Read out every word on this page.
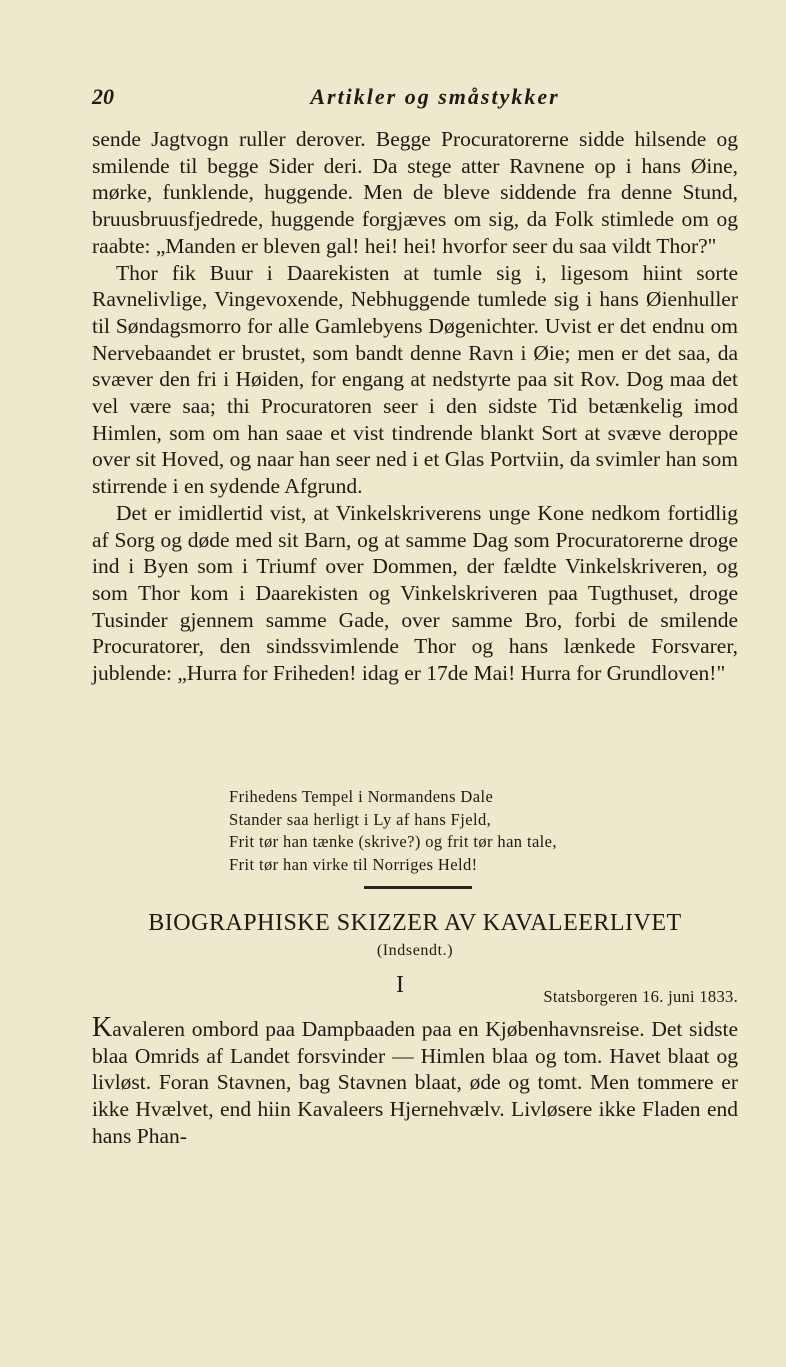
20	Artikler og småstykker

sende Jagtvogn ruller derover. Begge Procuratorerne sidde hilsende og smilende til begge Sider deri. Da stege atter Ravnene op i hans Øine, mørke, funklende, huggende. Men de bleve siddende fra denne Stund, bruusbruusfjedrede, huggende forgjæves om sig, da Folk stimlede om og raabte: „Manden er bleven gal! hei! hei! hvorfor seer du saa vildt Thor?"

Thor fik Buur i Daarekisten at tumle sig i, ligesom hiint sorte Ravnelivlige, Vingevoxende, Nebhuggende tumlede sig i hans Øienhuller til Søndagsmorro for alle Gamlebyens Døgenichter. Uvist er det endnu om Nervebaandet er brustet, som bandt denne Ravn i Øie; men er det saa, da svæver den fri i Høiden, for engang at nedstyrte paa sit Rov. Dog maa det vel være saa; thi Procuratoren seer i den sidste Tid betænkelig imod Himlen, som om han saae et vist tindrende blankt Sort at svæve deroppe over sit Hoved, og naar han seer ned i et Glas Portviin, da svimler han som stirrende i en sydende Afgrund.

Det er imidlertid vist, at Vinkelskriverens unge Kone nedkom fortidlig af Sorg og døde med sit Barn, og at samme Dag som Procuratorerne droge ind i Byen som i Triumf over Dommen, der fældte Vinkelskriveren, og som Thor kom i Daarekisten og Vinkelskriveren paa Tugthuset, droge Tusinder gjennem samme Gade, over samme Bro, forbi de smilende Procuratorer, den sindssvimlende Thor og hans lænkede Forsvarer, jublende: „Hurra for Friheden! idag er 17de Mai! Hurra for Grundloven!"

Frihedens Tempel i Normandens Dale
Stander saa herligt i Ly af hans Fjeld,
Frit tør han tænke (skrive?) og frit tør han tale,
Frit tør han virke til Norriges Held!
BIOGRAPHISKE SKIZZER AV KAVALEERLIVET
(Indsendt.)
I	Statsborgeren 16. juni 1833.

Kavaleren ombord paa Dampbaaden paa en Kjøbenhavnsreise. Det sidste blaa Omrids af Landet forsvinder — Himlen blaa og tom. Havet blaat og livløst. Foran Stavnen, bag Stavnen blaat, øde og tomt. Men tommere er ikke Hvælvet, end hiin Kavaleers Hjernehvælv. Livløsere ikke Fladen end hans Phan-
